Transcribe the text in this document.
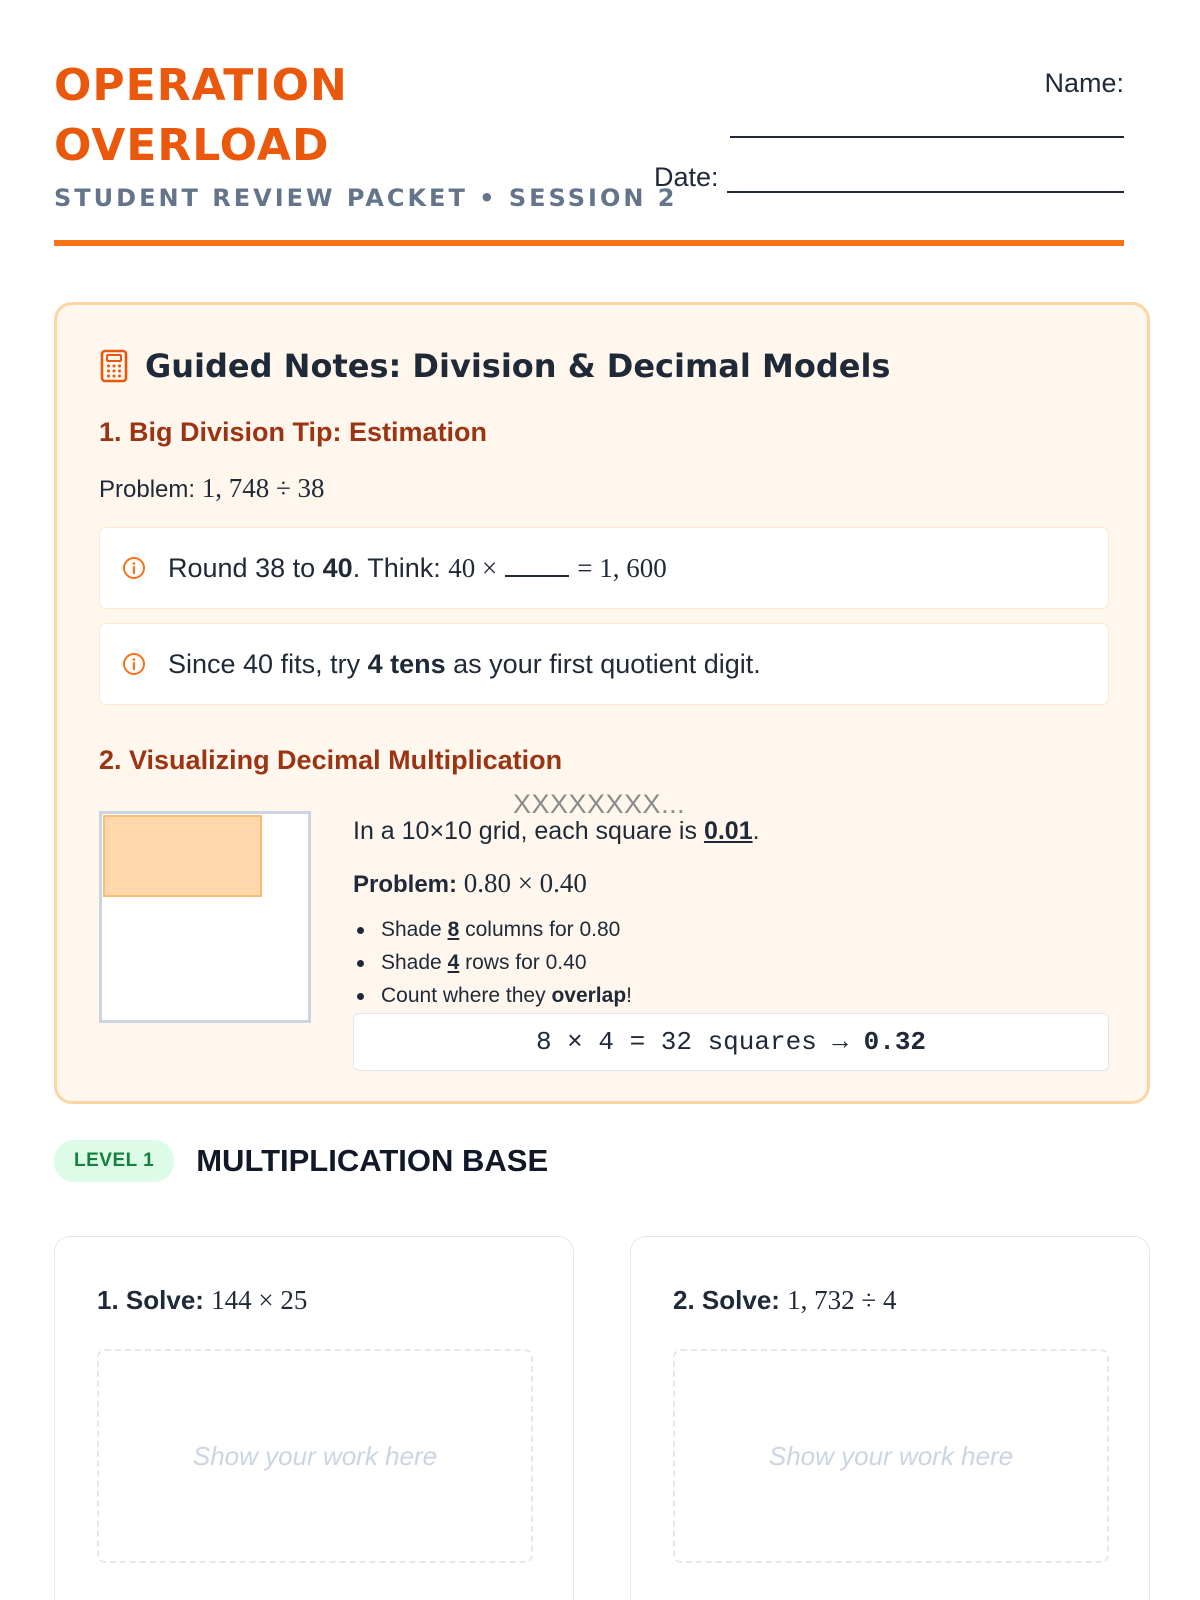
OPERATION
OVERLOAD
STUDENT REVIEW PACKET • SESSION 2
Name:
Date:
Guided Notes: Division & Decimal Models
1. Big Division Tip: Estimation
Problem: 1, 748 ÷ 38
Round 38 to 40. Think: 40 ×	= 1, 600
Since 40 fits, try 4 tens as your first quotient digit.
2. Visualizing Decimal Multiplication
XXXXXXXX...
In a 10×10 grid, each square is 0.01.
Problem: 0.80 × 0.40
Shade 8 columns for 0.80
Shade 4 rows for 0.40
Count where they overlap!
8 × 4 = 32 squares → 0.32
LEVEL 1	MULTIPLICATION BASE
1. Solve: 144 × 25
Show your work here
2. Solve: 1, 732 ÷ 4
Show your work here
